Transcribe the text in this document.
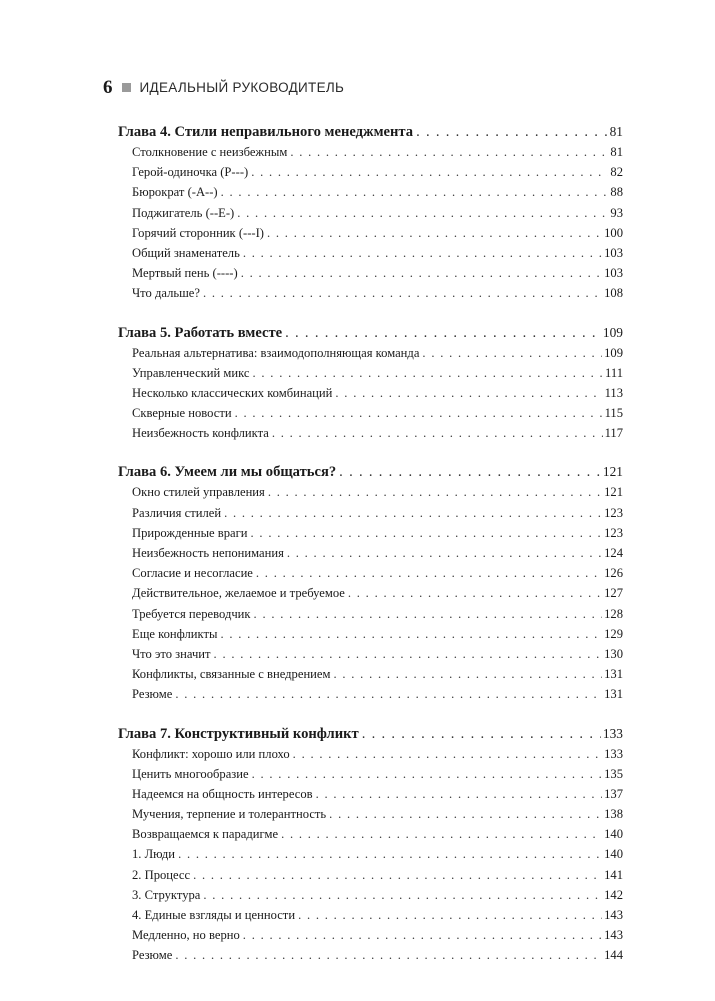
6 ИДЕАЛЬНЫЙ РУКОВОДИТЕЛЬ
Глава 4. Стили неправильного менеджмента . . .	81
Столкновение с неизбежным . . .	81
Герой-одиночка (P---) . . .	82
Бюрократ (-A--) . . .	88
Поджигатель (--E-) . . .	93
Горячий сторонник (---I) . . .	100
Общий знаменатель . . .	103
Мертвый пень (----) . . .	103
Что дальше? . . .	108
Глава 5. Работать вместе . . .	109
Реальная альтернатива: взаимодополняющая команда . . .	109
Управленческий микс . . .	111
Несколько классических комбинаций . . .	113
Скверные новости . . .	115
Неизбежность конфликта . . .	117
Глава 6. Умеем ли мы общаться? . . .	121
Окно стилей управления . . .	121
Различия стилей . . .	123
Прирожденные враги . . .	123
Неизбежность непонимания . . .	124
Согласие и несогласие . . .	126
Действительное, желаемое и требуемое . . .	127
Требуется переводчик . . .	128
Еще конфликты . . .	129
Что это значит . . .	130
Конфликты, связанные с внедрением . . .	131
Резюме . . .	131
Глава 7. Конструктивный конфликт . . .	133
Конфликт: хорошо или плохо . . .	133
Ценить многообразие . . .	135
Надеемся на общность интересов . . .	137
Мучения, терпение и толерантность . . .	138
Возвращаемся к парадигме . . .	140
1. Люди . . .	140
2. Процесс . . .	141
3. Структура . . .	142
4. Единые взгляды и ценности . . .	143
Медленно, но верно . . .	143
Резюме . . .	144
